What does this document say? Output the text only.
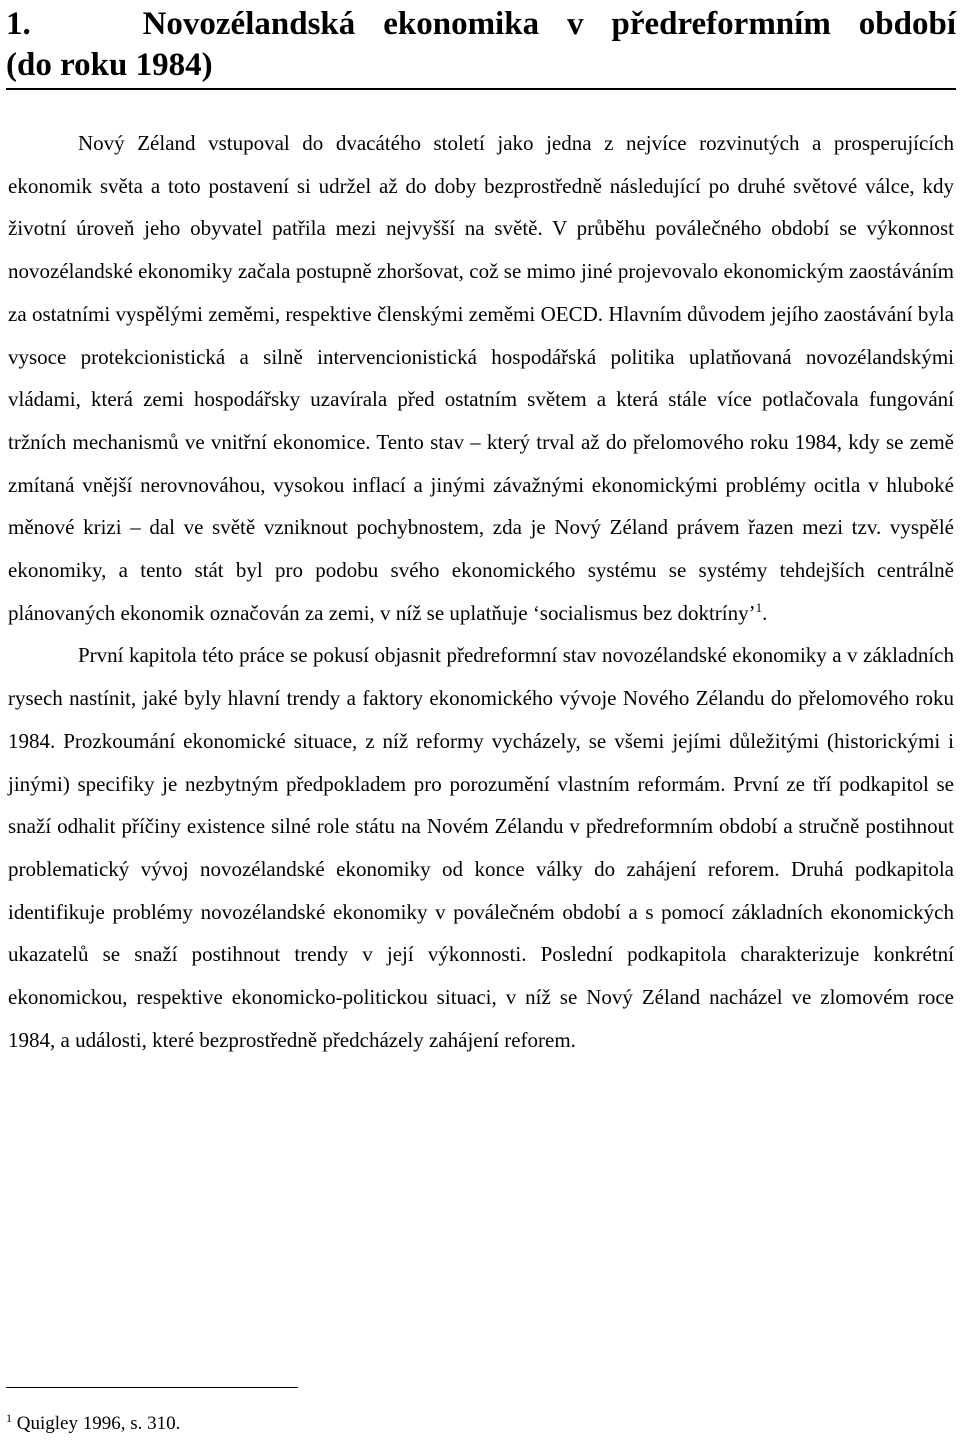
1.	Novozélandská ekonomika v předreformním období
(do roku 1984)

Nový Zéland vstupoval do dvacátého století jako jedna z nejvíce rozvinutých a prosperujících ekonomik světa a toto postavení si udržel až do doby bezprostředně následující po druhé světové válce, kdy životní úroveň jeho obyvatel patřila mezi nejvyšší na světě. V průběhu poválečného období se výkonnost novozélandské ekonomiky začala postupně zhoršovat, což se mimo jiné projevovalo ekonomickým zaostáváním za ostatními vyspělými zeměmi, respektive členskými zeměmi OECD. Hlavním důvodem jejího zaostávání byla vysoce protekcionistická a silně intervencionistická hospodářská politika uplatňovaná novozélandskými vládami, která zemi hospodářsky uzavírala před ostatním světem a která stále více potlačovala fungování tržních mechanismů ve vnitřní ekonomice. Tento stav – který trval až do přelomového roku 1984, kdy se země zmítaná vnější nerovnováhou, vysokou inflací a jinými závažnými ekonomickými problémy ocitla v hluboké měnové krizi – dal ve světě vzniknout pochybnostem, zda je Nový Zéland právem řazen mezi tzv. vyspělé ekonomiky, a tento stát byl pro podobu svého ekonomického systému se systémy tehdejších centrálně plánovaných ekonomik označován za zemi, v níž se uplatňuje ‘socialismus bez doktríny’$^1$.

První kapitola této práce se pokusí objasnit předreformní stav novozélandské ekonomiky a v základních rysech nastínit, jaké byly hlavní trendy a faktory ekonomického vývoje Nového Zélandu do přelomového roku 1984. Prozkoumání ekonomické situace, z níž reformy vycházely, se všemi jejími důležitými (historickými i jinými) specifiky je nezbytným předpokladem pro porozumění vlastním reformám. První ze tří podkapitol se snaží odhalit příčiny existence silné role státu na Novém Zélandu v předreformním období a stručně postihnout problematický vývoj novozélandské ekonomiky od konce války do zahájení reforem. Druhá podkapitola identifikuje problémy novozélandské ekonomiky v poválečném období a s pomocí základních ekonomických ukazatelů se snaží postihnout trendy v její výkonnosti. Poslední podkapitola charakterizuje konkrétní ekonomickou, respektive ekonomicko-politickou situaci, v níž se Nový Zéland nacházel ve zlomovém roce 1984, a události, které bezprostředně předcházely zahájení reforem.

$^1$ Quigley 1996, s. 310.
